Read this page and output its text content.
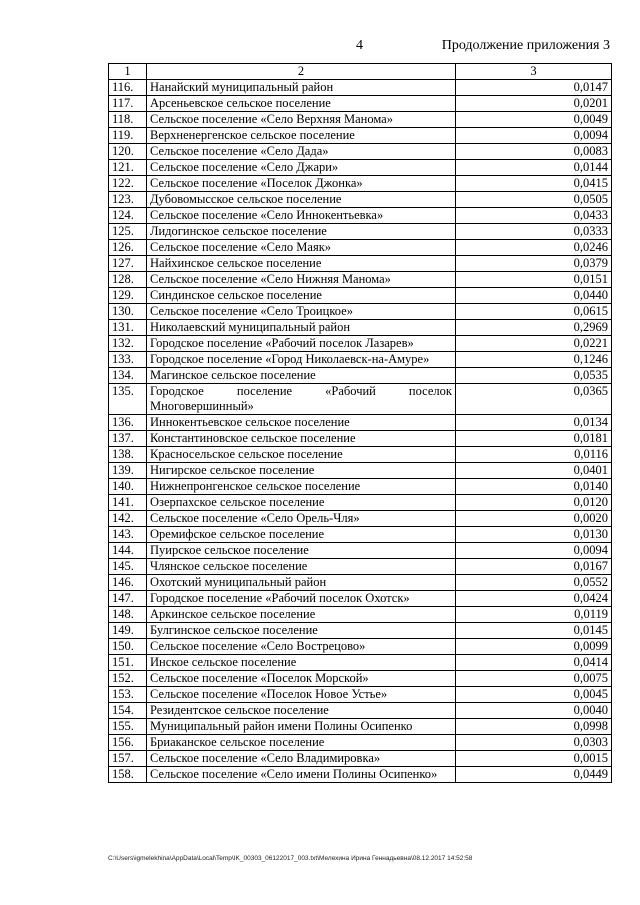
4	Продолжение приложения 3
1	2	3
116.	Нанайский муниципальный район	0,0147
117.	Арсеньевское сельское поселение	0,0201
118.	Сельское поселение «Село Верхняя Манома»	0,0049
119.	Верхненергенское сельское поселение	0,0094
120.	Сельское поселение «Село Дада»	0,0083
121.	Сельское поселение «Село Джари»	0,0144
122.	Сельское поселение «Поселок Джонка»	0,0415
123.	Дубовомысское сельское поселение	0,0505
124.	Сельское поселение «Село Иннокентьевка»	0,0433
125.	Лидогинское сельское поселение	0,0333
126.	Сельское поселение «Село Маяк»	0,0246
127.	Найхинское сельское поселение	0,0379
128.	Сельское поселение «Село Нижняя Манома»	0,0151
129.	Синдинское сельское поселение	0,0440
130.	Сельское поселение «Село Троицкое»	0,0615
131.	Николаевский муниципальный район	0,2969
132.	Городское поселение «Рабочий поселок Лазарев»	0,0221
133.	Городское поселение «Город Николаевск-на-Амуре»	0,1246
134.	Магинское сельское поселение	0,0535
135.	Городское поселение «Рабочий поселок Многовершинный»	0,0365
136.	Иннокентьевское сельское поселение	0,0134
137.	Константиновское сельское поселение	0,0181
138.	Красносельское сельское поселение	0,0116
139.	Нигирское сельское поселение	0,0401
140.	Нижнепронгенское сельское поселение	0,0140
141.	Озерпахское сельское поселение	0,0120
142.	Сельское поселение «Село Орель-Чля»	0,0020
143.	Оремифское сельское поселение	0,0130
144.	Пуирское сельское поселение	0,0094
145.	Члянское сельское поселение	0,0167
146.	Охотский муниципальный район	0,0552
147.	Городское поселение «Рабочий поселок Охотск»	0,0424
148.	Аркинское сельское поселение	0,0119
149.	Булгинское сельское поселение	0,0145
150.	Сельское поселение «Село Вострецово»	0,0099
151.	Инское сельское поселение	0,0414
152.	Сельское поселение «Поселок Морской»	0,0075
153.	Сельское поселение «Поселок Новое Устье»	0,0045
154.	Резидентское сельское поселение	0,0040
155.	Муниципальный район имени Полины Осипенко	0,0998
156.	Бриаканское сельское поселение	0,0303
157.	Сельское поселение «Село Владимировка»	0,0015
158.	Сельское поселение «Село имени Полины Осипенко»	0,0449
C:\Users\igmelekhina\AppData\Local\Temp\IK_00303_06122017_003.txt\Мелехина Ирина Геннадьевна\08.12.2017 14:52:58
